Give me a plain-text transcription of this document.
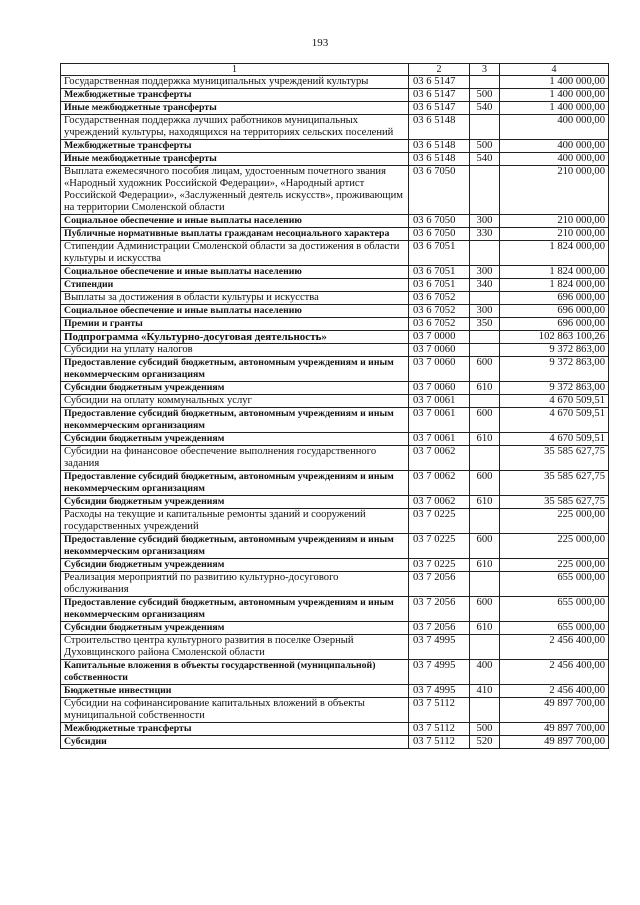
193
1	2	3	4
Государственная поддержка муниципальных учреждений культуры	03 6 5147		1 400 000,00
Межбюджетные трансферты	03 6 5147	500	1 400 000,00
Иные межбюджетные трансферты	03 6 5147	540	1 400 000,00
Государственная поддержка лучших работников муниципальных учреждений культуры, находящихся на территориях сельских поселений	03 6 5148		400 000,00
Межбюджетные трансферты	03 6 5148	500	400 000,00
Иные межбюджетные трансферты	03 6 5148	540	400 000,00
Выплата ежемесячного пособия лицам, удостоенным почетного звания «Народный художник Российской Федерации», «Народный артист Российской Федерации», «Заслуженный деятель искусств», проживающим на территории Смоленской области	03 6 7050		210 000,00
Социальное обеспечение и иные выплаты населению	03 6 7050	300	210 000,00
Публичные нормативные выплаты гражданам несоциального характера	03 6 7050	330	210 000,00
Стипендии Администрации Смоленской области за достижения в области культуры и искусства	03 6 7051		1 824 000,00
Социальное обеспечение и иные выплаты населению	03 6 7051	300	1 824 000,00
Стипендии	03 6 7051	340	1 824 000,00
Выплаты за достижения в области культуры и искусства	03 6 7052		696 000,00
Социальное обеспечение и иные выплаты населению	03 6 7052	300	696 000,00
Премии и гранты	03 6 7052	350	696 000,00
Подпрограмма «Культурно-досуговая деятельность»	03 7 0000		102 863 100,26
Субсидии на уплату налогов	03 7 0060		9 372 863,00
Предоставление субсидий бюджетным, автономным учреждениям и иным некоммерческим организациям	03 7 0060	600	9 372 863,00
Субсидии бюджетным учреждениям	03 7 0060	610	9 372 863,00
Субсидии на оплату коммунальных услуг	03 7 0061		4 670 509,51
Предоставление субсидий бюджетным, автономным учреждениям и иным некоммерческим организациям	03 7 0061	600	4 670 509,51
Субсидии бюджетным учреждениям	03 7 0061	610	4 670 509,51
Субсидии на финансовое обеспечение выполнения государственного задания	03 7 0062		35 585 627,75
Предоставление субсидий бюджетным, автономным учреждениям и иным некоммерческим организациям	03 7 0062	600	35 585 627,75
Субсидии бюджетным учреждениям	03 7 0062	610	35 585 627,75
Расходы на текущие и капитальные ремонты зданий и сооружений государственных учреждений	03 7 0225		225 000,00
Предоставление субсидий бюджетным, автономным учреждениям и иным некоммерческим организациям	03 7 0225	600	225 000,00
Субсидии бюджетным учреждениям	03 7 0225	610	225 000,00
Реализация мероприятий по развитию культурно-досугового обслуживания	03 7 2056		655 000,00
Предоставление субсидий бюджетным, автономным учреждениям и иным некоммерческим организациям	03 7 2056	600	655 000,00
Субсидии бюджетным учреждениям	03 7 2056	610	655 000,00
Строительство центра культурного развития в поселке Озерный Духовщинского района Смоленской области	03 7 4995		2 456 400,00
Капитальные вложения в объекты государственной (муниципальной) собственности	03 7 4995	400	2 456 400,00
Бюджетные инвестиции	03 7 4995	410	2 456 400,00
Субсидии на софинансирование капитальных вложений в объекты муниципальной собственности	03 7 5112		49 897 700,00
Межбюджетные трансферты	03 7 5112	500	49 897 700,00
Субсидии	03 7 5112	520	49 897 700,00
